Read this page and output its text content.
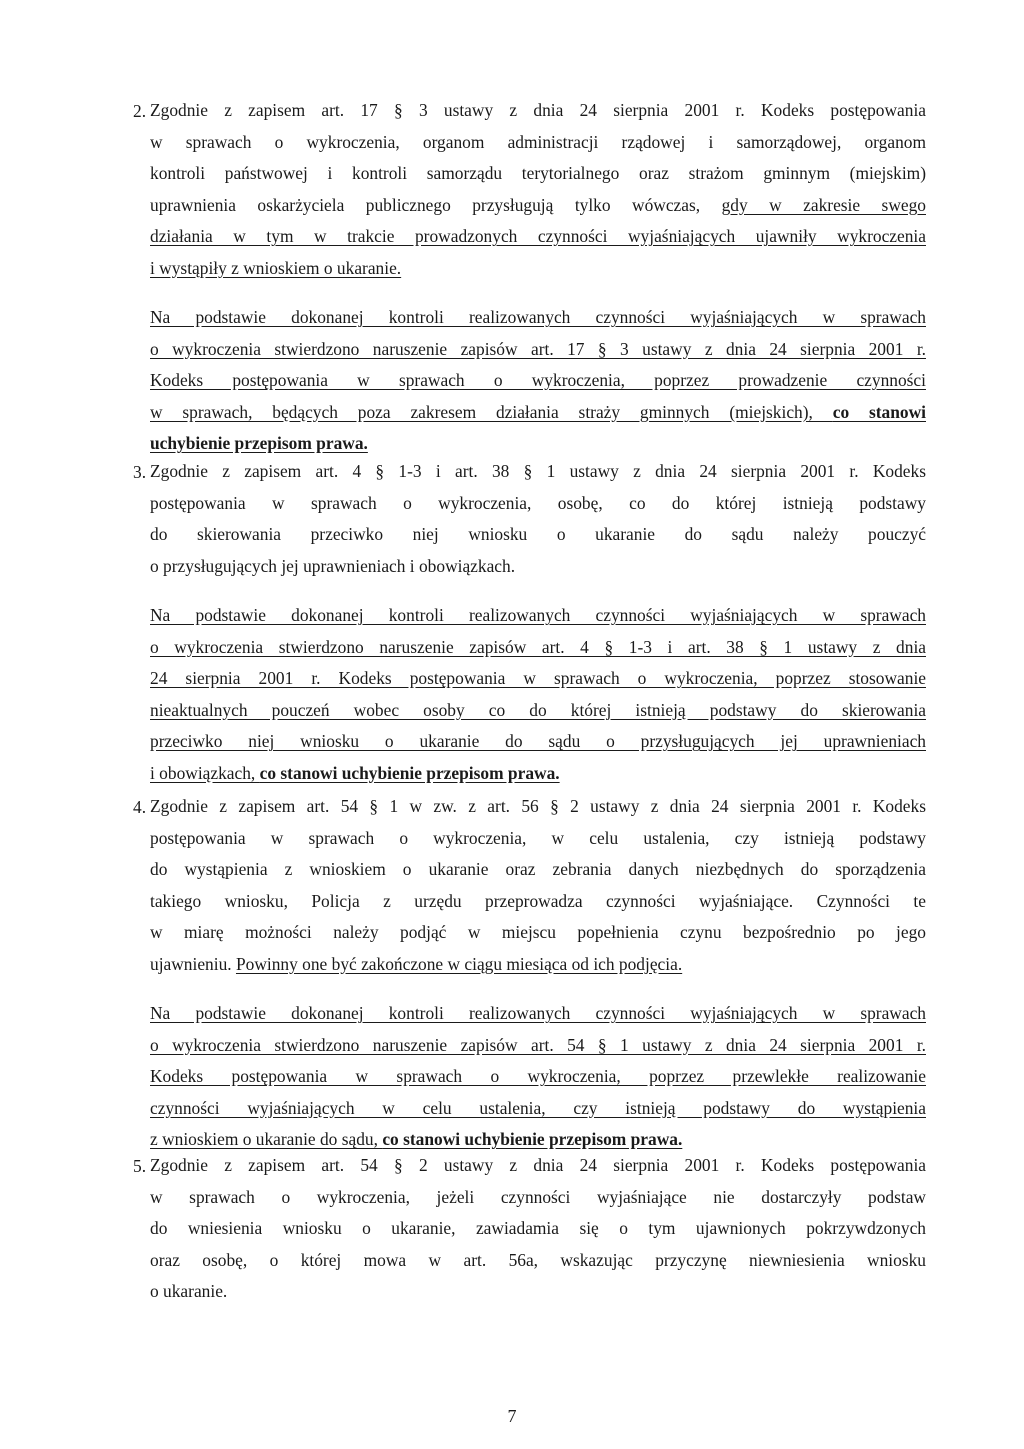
2. Zgodnie z zapisem art. 17 § 3 ustawy z dnia 24 sierpnia 2001 r. Kodeks postępowania
w sprawach o wykroczenia, organom administracji rządowej i samorządowej, organom
kontroli państwowej i kontroli samorządu terytorialnego oraz strażom gminnym (miejskim)
uprawnienia oskarżyciela publicznego przysługują tylko wówczas, gdy w zakresie swego
działania w tym w trakcie prowadzonych czynności wyjaśniających ujawniły wykroczenia
i wystąpiły z wnioskiem o ukaranie.
Na podstawie dokonanej kontroli realizowanych czynności wyjaśniających w sprawach
o wykroczenia stwierdzono naruszenie zapisów art. 17 § 3 ustawy z dnia 24 sierpnia 2001 r.
Kodeks postępowania w sprawach o wykroczenia, poprzez prowadzenie czynności
w sprawach, będących poza zakresem działania straży gminnych (miejskich), co stanowi
uchybienie przepisom prawa.
3. Zgodnie z zapisem art. 4 § 1-3 i art. 38 § 1 ustawy z dnia 24 sierpnia 2001 r. Kodeks
postępowania w sprawach o wykroczenia, osobę, co do której istnieją podstawy
do skierowania przeciwko niej wniosku o ukaranie do sądu należy pouczyć
o przysługujących jej uprawnieniach i obowiązkach.
Na podstawie dokonanej kontroli realizowanych czynności wyjaśniających w sprawach
o wykroczenia stwierdzono naruszenie zapisów art. 4 § 1-3 i art. 38 § 1 ustawy z dnia
24 sierpnia 2001 r. Kodeks postępowania w sprawach o wykroczenia, poprzez stosowanie
nieaktualnych pouczeń wobec osoby co do której istnieją podstawy do skierowania
przeciwko niej wniosku o ukaranie do sądu o przysługujących jej uprawnieniach
i obowiązkach, co stanowi uchybienie przepisom prawa.
4. Zgodnie z zapisem art. 54 § 1 w zw. z art. 56 § 2 ustawy z dnia 24 sierpnia 2001 r. Kodeks
postępowania w sprawach o wykroczenia, w celu ustalenia, czy istnieją podstawy
do wystąpienia z wnioskiem o ukaranie oraz zebrania danych niezbędnych do sporządzenia
takiego wniosku, Policja z urzędu przeprowadza czynności wyjaśniające. Czynności te
w miarę możności należy podjąć w miejscu popełnienia czynu bezpośrednio po jego
ujawnieniu. Powinny one być zakończone w ciągu miesiąca od ich podjęcia.
Na podstawie dokonanej kontroli realizowanych czynności wyjaśniających w sprawach
o wykroczenia stwierdzono naruszenie zapisów art. 54 § 1 ustawy z dnia 24 sierpnia 2001 r.
Kodeks postępowania w sprawach o wykroczenia, poprzez przewlekłe realizowanie
czynności wyjaśniających w celu ustalenia, czy istnieją podstawy do wystąpienia
z wnioskiem o ukaranie do sądu, co stanowi uchybienie przepisom prawa.
5. Zgodnie z zapisem art. 54 § 2 ustawy z dnia 24 sierpnia 2001 r. Kodeks postępowania
w sprawach o wykroczenia, jeżeli czynności wyjaśniające nie dostarczyły podstaw
do wniesienia wniosku o ukaranie, zawiadamia się o tym ujawnionych pokrzywdzonych
oraz osobę, o której mowa w art. 56a, wskazując przyczynę niewniesienia wniosku
o ukaranie.
7
